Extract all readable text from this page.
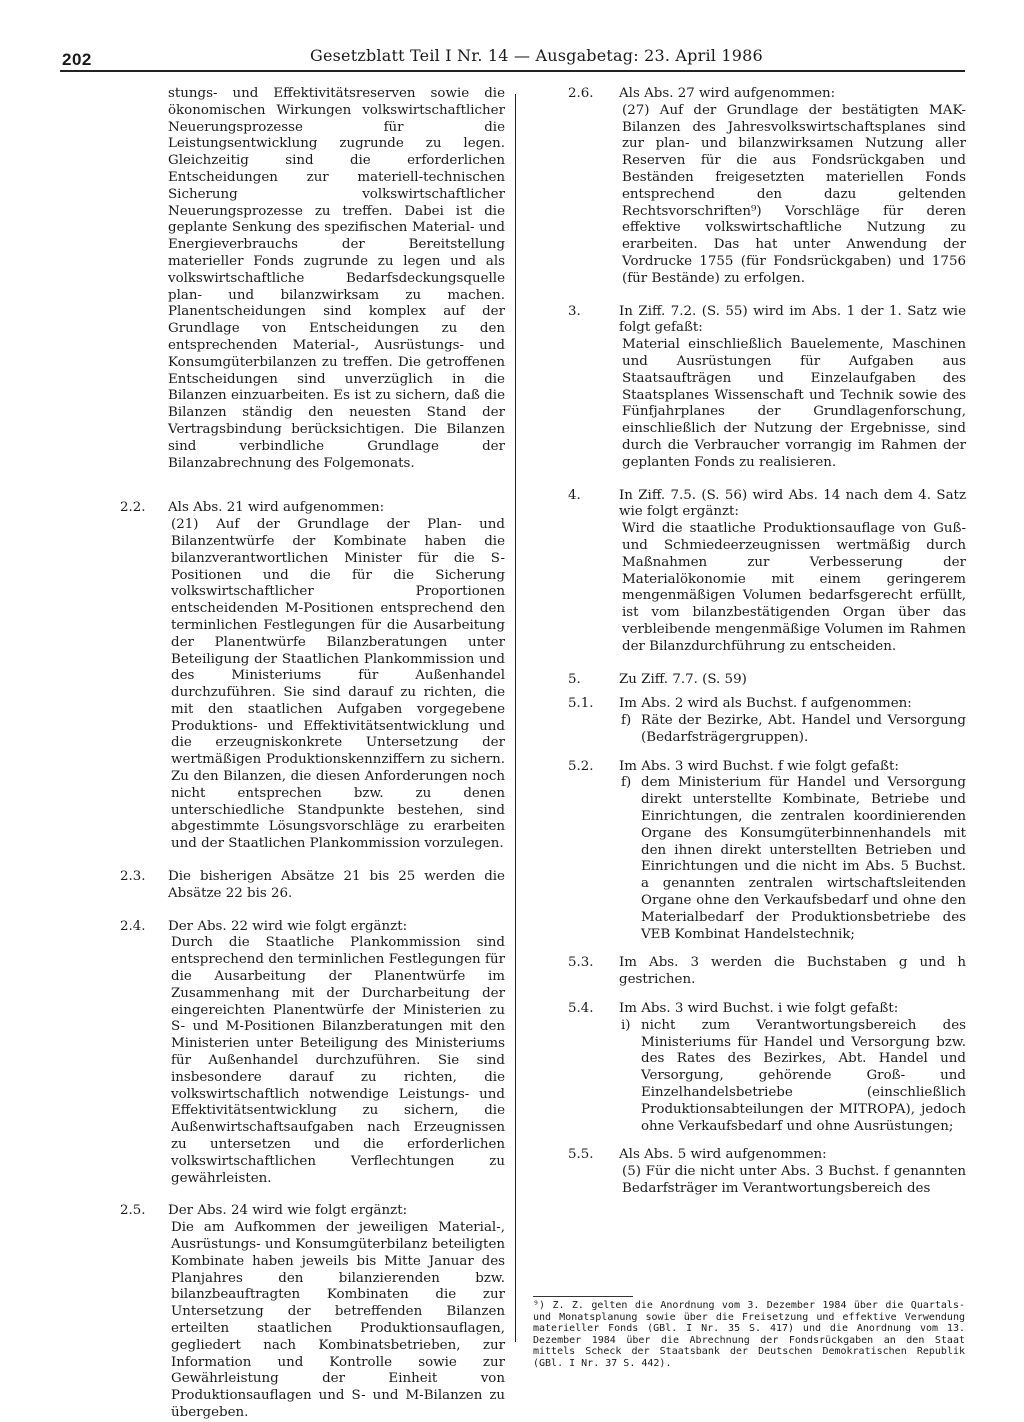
202	Gesetzblatt Teil I Nr. 14 — Ausgabetag: 23. April 1986
stungs- und Effektivitätsreserven sowie die ökonomischen Wirkungen volkswirtschaftlicher Neuerungsprozesse für die Leistungsentwicklung zugrunde zu legen. Gleichzeitig sind die erforderlichen Entscheidungen zur materiell-technischen Sicherung volkswirtschaftlicher Neuerungsprozesse zu treffen. Dabei ist die geplante Senkung des spezifischen Material- und Energieverbrauchs der Bereitstellung materieller Fonds zugrunde zu legen und als volkswirtschaftliche Bedarfsdeckungsquelle plan- und bilanzwirksam zu machen. Planentscheidungen sind komplex auf der Grundlage von Entscheidungen zu den entsprechenden Material-, Ausrüstungs- und Konsumgüterbilanzen zu treffen. Die getroffenen Entscheidungen sind unverzüglich in die Bilanzen einzuarbeiten. Es ist zu sichern, daß die Bilanzen ständig den neuesten Stand der Vertragsbindung berücksichtigen. Die Bilanzen sind verbindliche Grundlage der Bilanzabrechnung des Folgemonats.
2.2. Als Abs. 21 wird aufgenommen:

(21) Auf der Grundlage der Plan- und Bilanzentwürfe der Kombinate haben die bilanzverantwortlichen Minister für die S-Positionen und die für die Sicherung volkswirtschaftlicher Proportionen entscheidenden M-Positionen entsprechend den terminlichen Festlegungen für die Ausarbeitung der Planentwürfe Bilanzberatungen unter Beteiligung der Staatlichen Plankommission und des Ministeriums für Außenhandel durchzuführen. Sie sind darauf zu richten, die mit den staatlichen Aufgaben vorgegebene Produktions- und Effektivitätsentwicklung und die erzeugniskonkrete Untersetzung der wertmäßigen Produktionskennziffern zu sichern. Zu den Bilanzen, die diesen Anforderungen noch nicht entsprechen bzw. zu denen unterschiedliche Standpunkte bestehen, sind abgestimmte Lösungsvorschläge zu erarbeiten und der Staatlichen Plankommission vorzulegen.

2.3. Die bisherigen Absätze 21 bis 25 werden die Absätze 22 bis 26.
2.4. Der Abs. 22 wird wie folgt ergänzt:

Durch die Staatliche Plankommission sind entsprechend den terminlichen Festlegungen für die Ausarbeitung der Planentwürfe im Zusammenhang mit der Durcharbeitung der eingereichten Planentwürfe der Ministerien zu S- und M-Positionen Bilanzberatungen mit den Ministerien unter Beteiligung des Ministeriums für Außenhandel durchzuführen. Sie sind insbesondere darauf zu richten, die volkswirtschaftlich notwendige Leistungs- und Effektivitätsentwicklung zu sichern, die Außenwirtschaftsaufgaben nach Erzeugnissen zu untersetzen und die erforderlichen volkswirtschaftlichen Verflechtungen zu gewährleisten.

2.5. Der Abs. 24 wird wie folgt ergänzt:

Die am Aufkommen der jeweiligen Material-, Ausrüstungs- und Konsumgüterbilanz beteiligten Kombinate haben jeweils bis Mitte Januar des Planjahres den bilanzierenden bzw. bilanzbeauftragten Kombinaten die zur Untersetzung der betreffenden Bilanzen erteilten staatlichen Produktionsauflagen, gegliedert nach Kombinatsbetrieben, zur Information und Kontrolle sowie zur Gewährleistung der Einheit von Produktionsauflagen und S- und M-Bilanzen zu übergeben.

2.6. Als Abs. 27 wird aufgenommen:

(27) Auf der Grundlage der bestätigten MAK-Bilanzen des Jahresvolkswirtschaftsplanes sind zur plan- und bilanzwirksamen Nutzung aller Reserven für die aus Fondsrückgaben und Beständen freigesetzten materiellen Fonds entsprechend den dazu geltenden Rechtsvorschriften⁹) Vorschläge für deren effektive volkswirtschaftliche Nutzung zu erarbeiten. Das hat unter Anwendung der Vordrucke 1755 (für Fondsrückgaben) und 1756 (für Bestände) zu erfolgen.

3.	In Ziff. 7.2. (S. 55) wird im Abs. 1 der 1. Satz wie folgt gefaßt:

Material einschließlich Bauelemente, Maschinen und Ausrüstungen für Aufgaben aus Staatsaufträgen und Einzelaufgaben des Staatsplanes Wissenschaft und Technik sowie des Fünfjahrplanes der Grundlagenforschung, einschließlich der Nutzung der Ergebnisse, sind durch die Verbraucher vorrangig im Rahmen der geplanten Fonds zu realisieren.

4.	In Ziff. 7.5. (S. 56) wird Abs. 14 nach dem 4. Satz wie folgt ergänzt:

Wird die staatliche Produktionsauflage von Guß- und Schmiedeerzeugnissen wertmäßig durch Maßnahmen zur Verbesserung der Materialökonomie mit einem geringerem mengenmäßigen Volumen bedarfsgerecht erfüllt, ist vom bilanzbestätigenden Organ über das verbleibende mengenmäßige Volumen im Rahmen der Bilanzdurchführung zu entscheiden.

5.	Zu Ziff. 7.7. (S. 59)
5.1. Im Abs. 2 wird als Buchst. f aufgenommen:

f) Räte der Bezirke, Abt. Handel und Versorgung (Bedarfsträgergruppen).
5.2. Im Abs. 3 wird Buchst. f wie folgt gefaßt:

f) dem Ministerium für Handel und Versorgung direkt unterstellte Kombinate, Betriebe und Einrichtungen, die zentralen koordinierenden Organe des Konsumgüterbinnenhandels mit den ihnen direkt unterstellten Betrieben und Einrichtungen und die nicht im Abs. 5 Buchst. a genannten zentralen wirtschaftsleitenden Organe ohne den Verkaufsbedarf und ohne den Materialbedarf der Produktionsbetriebe des VEB Kombinat Handelstechnik;
5.3. Im Abs. 3 werden die Buchstaben g und h gestrichen.
5.4. Im Abs. 3 wird Buchst. i wie folgt gefaßt:

i) nicht zum Verantwortungsbereich des Ministeriums für Handel und Versorgung bzw. des Rates des Bezirkes, Abt. Handel und Versorgung, gehörende Groß- und Einzelhandelsbetriebe (einschließlich Produktionsabteilungen der MITROPA), jedoch ohne Verkaufsbedarf und ohne Ausrüstungen;
5.5. Als Abs. 5 wird aufgenommen:

(5) Für die nicht unter Abs. 3 Buchst. f genannten Bedarfsträger im Verantwortungsbereich des

⁹) Z. Z. gelten die Anordnung vom 3. Dezember 1984 über die Quartals- und Monatsplanung sowie über die Freisetzung und effektive Verwendung materieller Fonds (GBl. I Nr. 35 S. 417) und die Anordnung vom 13. Dezember 1984 über die Abrechnung der Fondsrückgaben an den Staat mittels Scheck der Staatsbank der Deutschen Demokratischen Republik (GBl. I Nr. 37 S. 442).
